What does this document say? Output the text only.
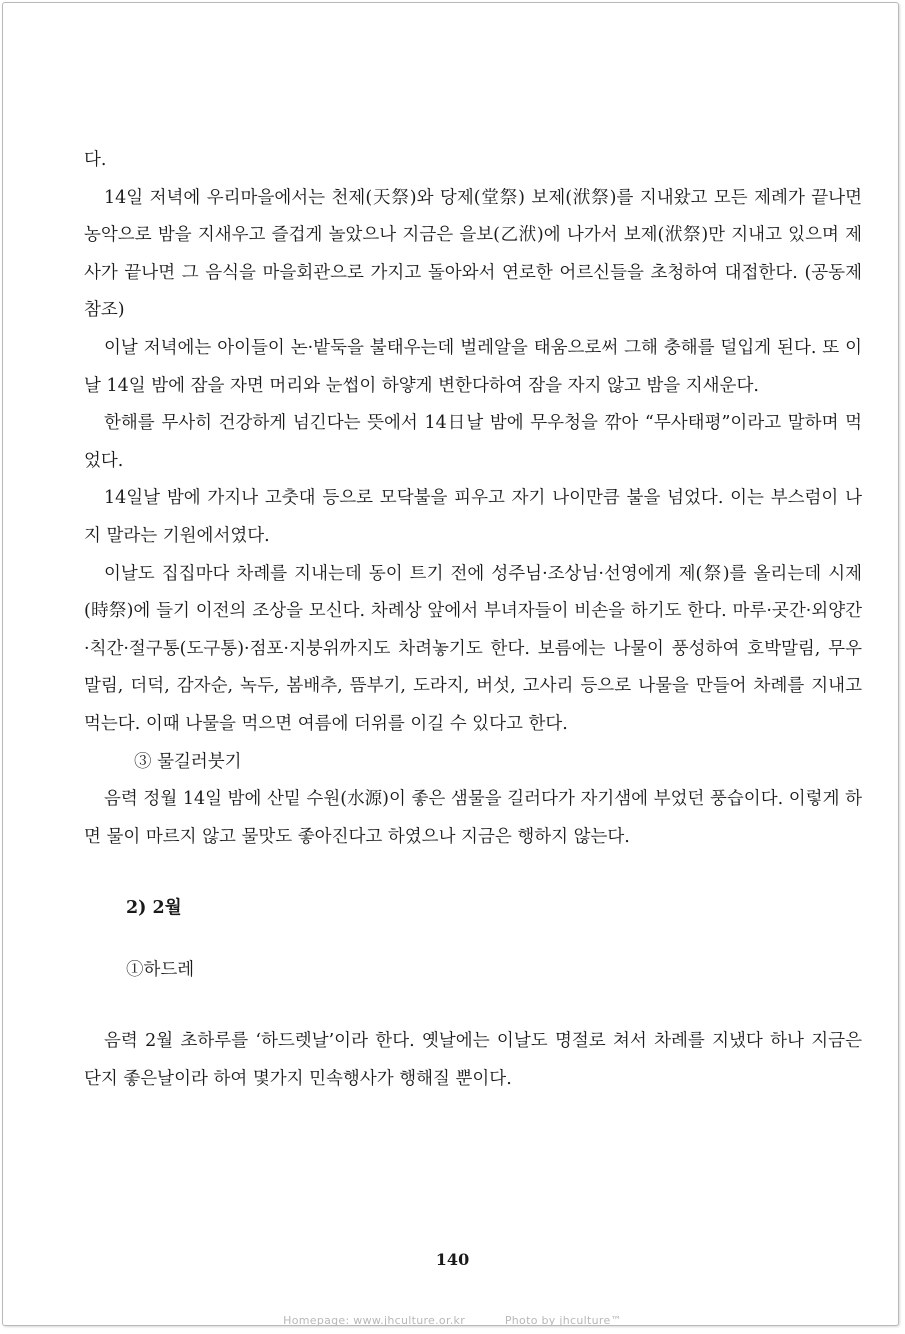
다.

14일 저녁에 우리마을에서는 천제(天祭)와 당제(堂祭) 보제(洑祭)를 지내왔고 모든 제례가 끝나면 농악으로 밤을 지새우고 즐겁게 놀았으나 지금은 을보(乙洑)에 나가서 보제(洑祭)만 지내고 있으며 제사가 끝나면 그 음식을 마을회관으로 가지고 돌아와서 연로한 어르신들을 초청하여 대접한다. (공동제참조)

이날 저녁에는 아이들이 논·밭둑을 불태우는데 벌레알을 태움으로써 그해 충해를 덜입게 된다. 또 이날 14일 밤에 잠을 자면 머리와 눈썹이 하얗게 변한다하여 잠을 자지 않고 밤을 지새운다.

한해를 무사히 건강하게 넘긴다는 뜻에서 14日날 밤에 무우청을 깎아 “무사태평”이라고 말하며 먹었다.

14일날 밤에 가지나 고춧대 등으로 모닥불을 피우고 자기 나이만큼 불을 넘었다. 이는 부스럼이 나지 말라는 기원에서였다.

이날도 집집마다 차례를 지내는데 동이 트기 전에 성주님·조상님·선영에게 제(祭)를 올리는데 시제(時祭)에 들기 이전의 조상을 모신다. 차례상 앞에서 부녀자들이 비손을 하기도 한다. 마루·곳간·외양간·칙간·절구통(도구통)·점포·지붕위까지도 차려놓기도 한다. 보름에는 나물이 풍성하여 호박말림, 무우말림, 더덕, 감자순, 녹두, 봄배추, 뜸부기, 도라지, 버섯, 고사리 등으로 나물을 만들어 차례를 지내고 먹는다. 이때 나물을 먹으면 여름에 더위를 이길 수 있다고 한다.

③ 물길러붓기

음력 정월 14일 밤에 산밑 수원(水源)이 좋은 샘물을 길러다가 자기샘에 부었던 풍습이다. 이렇게 하면 물이 마르지 않고 물맛도 좋아진다고 하였으나 지금은 행하지 않는다.

2) 2월

①하드레

음력 2월 초하루를 ‘하드렛날’이라 한다. 옛날에는 이날도 명절로 쳐서 차례를 지냈다 하나 지금은 단지 좋은날이라 하여 몇가지 민속행사가 행해질 뿐이다.

140
Homepage: www.jhculture.or.kr	Photo by jhculture™
